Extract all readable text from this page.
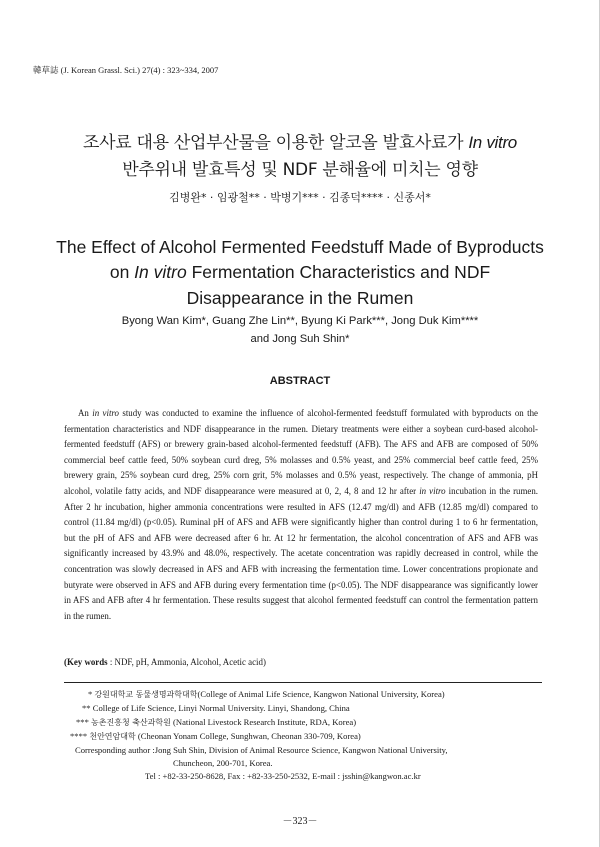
韓草誌 (J. Korean Grassl. Sci.) 27(4) : 323~334, 2007
조사료 대용 산업부산물을 이용한 알코올 발효사료가 In vitro
반추위내 발효특성 및 NDF 분해율에 미치는 영향
김병완* · 임광철** · 박병기*** · 김종덕**** · 신종서*
The Effect of Alcohol Fermented Feedstuff Made of Byproducts
on In vitro Fermentation Characteristics and NDF
Disappearance in the Rumen
Byong Wan Kim*, Guang Zhe Lin**, Byung Ki Park***, Jong Duk Kim****
and Jong Suh Shin*
ABSTRACT

An in vitro study was conducted to examine the influence of alcohol-fermented feedstuff formulated with byproducts on the fermentation characteristics and NDF disappearance in the rumen. Dietary treatments were either a soybean curd-based alcohol-fermented feedstuff (AFS) or brewery grain-based alcohol-fermented feedstuff (AFB). The AFS and AFB are composed of 50% commercial beef cattle feed, 50% soybean curd dreg, 5% molasses and 0.5% yeast, and 25% commercial beef cattle feed, 25% brewery grain, 25% soybean curd dreg, 25% corn grit, 5% molasses and 0.5% yeast, respectively. The change of ammonia, pH alcohol, volatile fatty acids, and NDF disappearance were measured at 0, 2, 4, 8 and 12 hr after in vitro incubation in the rumen. After 2 hr incubation, higher ammonia concentrations were resulted in AFS (12.47 mg/dl) and AFB (12.85 mg/dl) compared to control (11.84 mg/dl) (p<0.05). Ruminal pH of AFS and AFB were significantly higher than control during 1 to 6 hr fermentation, but the pH of AFS and AFB were decreased after 6 hr. At 12 hr fermentation, the alcohol concentration of AFS and AFB was significantly increased by 43.9% and 48.0%, respectively. The acetate concentration was rapidly decreased in control, while the concentration was slowly decreased in AFS and AFB with increasing the fermentation time. Lower concentrations propionate and butyrate were observed in AFS and AFB during every fermentation time (p<0.05). The NDF disappearance was significantly lower in AFS and AFB after 4 hr fermentation. These results suggest that alcohol fermented feedstuff can control the fermentation pattern in the rumen.

(Key words : NDF, pH, Ammonia, Alcohol, Acetic acid)
* 강원대학교 동물생명과학대학(College of Animal Life Science, Kangwon National University, Korea)
** College of Life Science, Linyi Normal University. Linyi, Shandong, China
*** 농촌진흥청 축산과학원 (National Livestock Research Institute, RDA, Korea)
**** 천안연암대학 (Cheonan Yonam College, Sunghwan, Cheonan 330-709, Korea)
Corresponding author : Jong Suh Shin, Division of Animal Resource Science, Kangwon National University,
Chuncheon, 200-701, Korea.
Tel : +82-33-250-8628, Fax : +82-33-250-2532, E-mail : jsshin@kangwon.ac.kr
－323－
